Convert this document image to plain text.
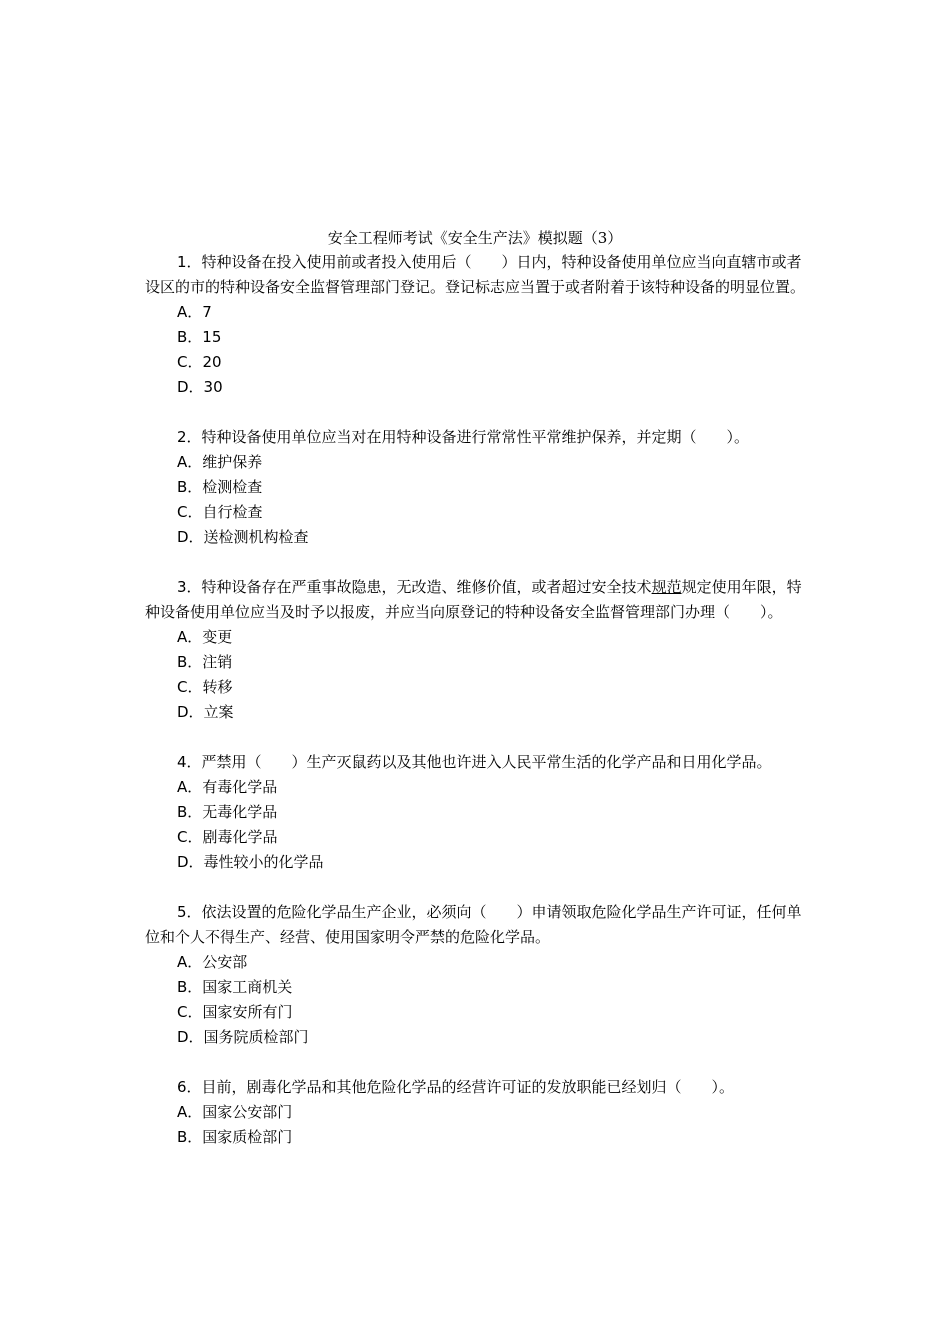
安全工程师考试《安全生产法》模拟题（3）
1．特种设备在投入使用前或者投入使用后（　　）日内，特种设备使用单位应当向直辖市或者设区的市的特种设备安全监督管理部门登记。登记标志应当置于或者附着于该特种设备的明显位置。
A．7
B．15
C．20
D．30
2．特种设备使用单位应当对在用特种设备进行常常性平常维护保养，并定期（　　）。
A．维护保养
B．检测检查
C．自行检查
D．送检测机构检查
3．特种设备存在严重事故隐患，无改造、维修价值，或者超过安全技术规范规定使用年限，特种设备使用单位应当及时予以报废，并应当向原登记的特种设备安全监督管理部门办理（　　）。
A．变更
B．注销
C．转移
D．立案
4．严禁用（　　）生产灭鼠药以及其他也许进入人民平常生活的化学产品和日用化学品。
A．有毒化学品
B．无毒化学品
C．剧毒化学品
D．毒性较小的化学品
5．依法设置的危险化学品生产企业，必须向（　　）申请领取危险化学品生产许可证，任何单位和个人不得生产、经营、使用国家明令严禁的危险化学品。
A．公安部
B．国家工商机关
C．国家安所有门
D．国务院质检部门
6．目前，剧毒化学品和其他危险化学品的经营许可证的发放职能已经划归（　　）。
A．国家公安部门
B．国家质检部门
